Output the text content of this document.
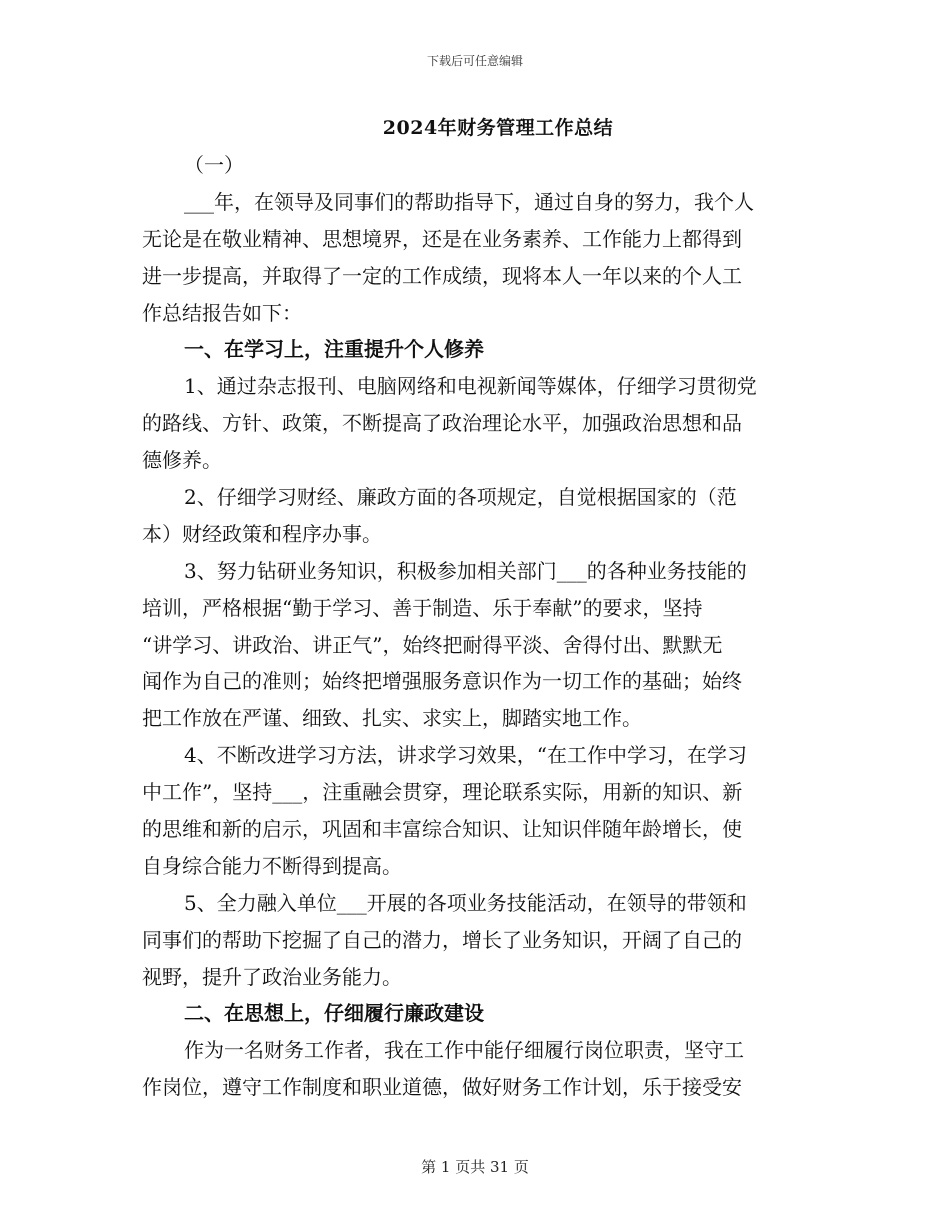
下载后可任意编辑
2024年财务管理工作总结
（一）
___年，在领导及同事们的帮助指导下，通过自身的努力，我个人
无论是在敬业精神、思想境界，还是在业务素养、工作能力上都得到
进一步提高，并取得了一定的工作成绩，现将本人一年以来的个人工
作总结报告如下：
一、在学习上，注重提升个人修养
1、通过杂志报刊、电脑网络和电视新闻等媒体，仔细学习贯彻党
的路线、方针、政策，不断提高了政治理论水平，加强政治思想和品
德修养。
2、仔细学习财经、廉政方面的各项规定，自觉根据国家的（范
本）财经政策和程序办事。
3、努力钻研业务知识，积极参加相关部门___的各种业务技能的
培训，严格根据“勤于学习、善于制造、乐于奉献”的要求，坚持
“讲学习、讲政治、讲正气”，始终把耐得平淡、舍得付出、默默无
闻作为自己的准则；始终把增强服务意识作为一切工作的基础；始终
把工作放在严谨、细致、扎实、求实上，脚踏实地工作。
4、不断改进学习方法，讲求学习效果，“在工作中学习，在学习
中工作”，坚持___，注重融会贯穿，理论联系实际，用新的知识、新
的思维和新的启示，巩固和丰富综合知识、让知识伴随年龄增长，使
自身综合能力不断得到提高。
5、全力融入单位___开展的各项业务技能活动，在领导的带领和
同事们的帮助下挖掘了自己的潜力，增长了业务知识，开阔了自己的
视野，提升了政治业务能力。
二、在思想上，仔细履行廉政建设
作为一名财务工作者，我在工作中能仔细履行岗位职责，坚守工
作岗位，遵守工作制度和职业道德，做好财务工作计划，乐于接受安
第 1 页共 31 页
